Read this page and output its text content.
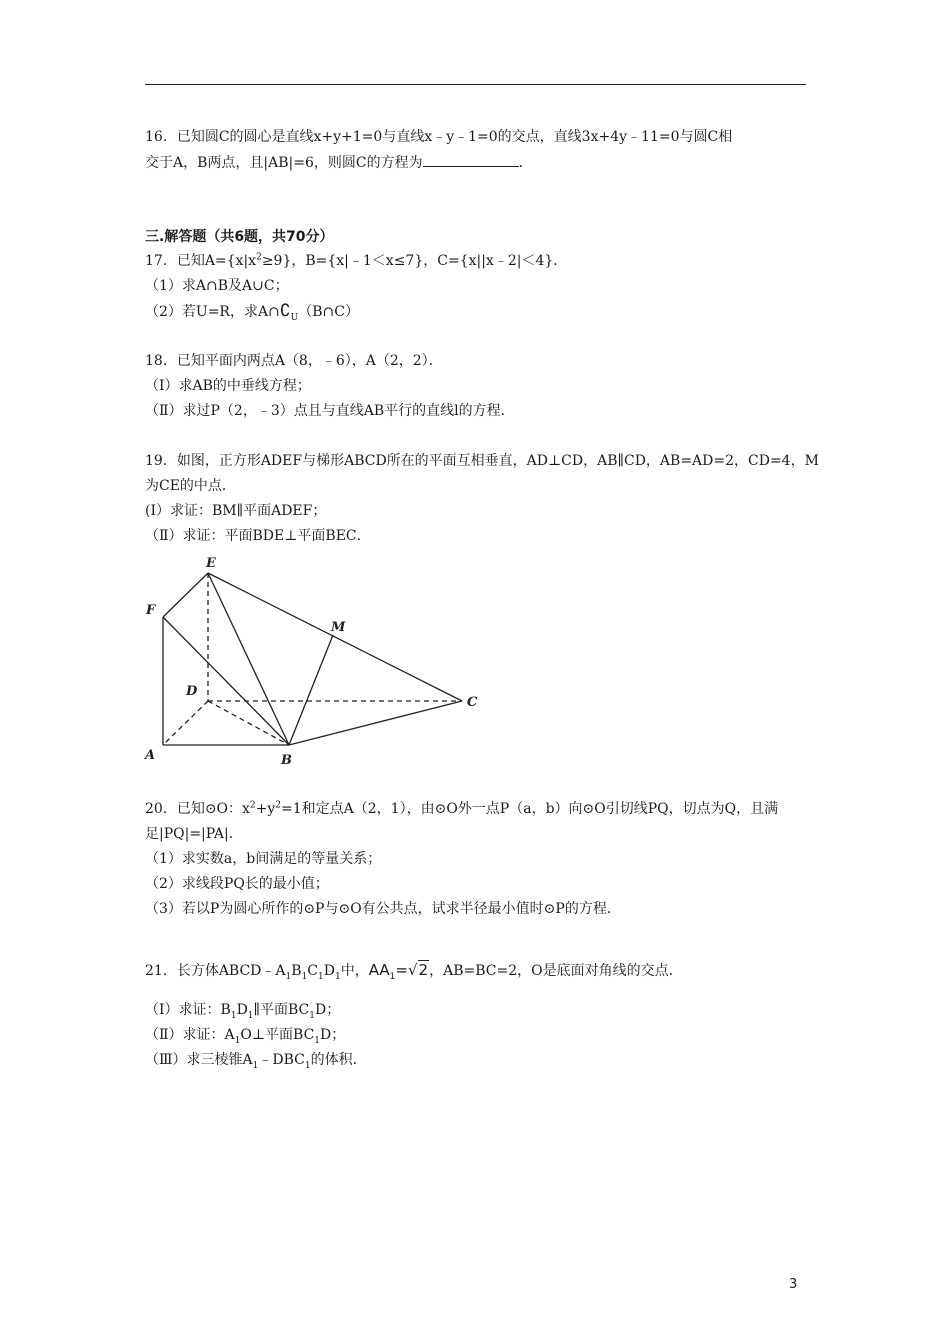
16．已知圆C的圆心是直线x+y+1=0与直线x﹣y﹣1=0的交点，直线3x+4y﹣11=0与圆C相
交于A，B两点，且|AB|=6，则圆C的方程为	．
三.解答题（共6题，共70分）
17．已知$A=\{x|x^2\ge 9\}$，B={x|﹣1＜x≤7}，C={x||x﹣2|＜4}．
（1）求A∩B及A∪C；
（2）若U=R，求$A\cap∁_U(B\cap C)$
18．已知平面内两点A（8，﹣6），A（2，2）．
（Ⅰ）求AB的中垂线方程；
（Ⅱ）求过P（2，﹣3）点且与直线AB平行的直线l的方程．
19．如图，正方形ADEF与梯形ABCD所在的平面互相垂直，AD⊥CD，AB∥CD，AB=AD=2，CD=4，M
为CE的中点．
(Ⅰ）求证：BM∥平面ADEF；
（Ⅱ）求证：平面BDE⊥平面BEC．
E
F
M
D
C
A	B
20．已知⊙O：$x^2+y^2=1$和定点A（2，1），由⊙O外一点P（a，b）向⊙O引切线PQ，切点为Q，且满
足|PQ|=|PA|．
（1）求实数a，b间满足的等量关系；
（2）求线段PQ长的最小值；
（3）若以P为圆心所作的⊙P与⊙O有公共点，试求半径最小值时⊙P的方程．
21．长方体$ABCD﹣A_1B_1C_1D_1$中，$AA_1=√2$，AB=BC=2，O是底面对角线的交点．
（Ⅰ）求证：$B_1D_1\parallel$平面$BC_1D$；
（Ⅱ）求证：$A_1O\perp$平面$BC_1D$；
（Ⅲ）求三棱锥$A_1﹣DBC_1$的体积．
3
